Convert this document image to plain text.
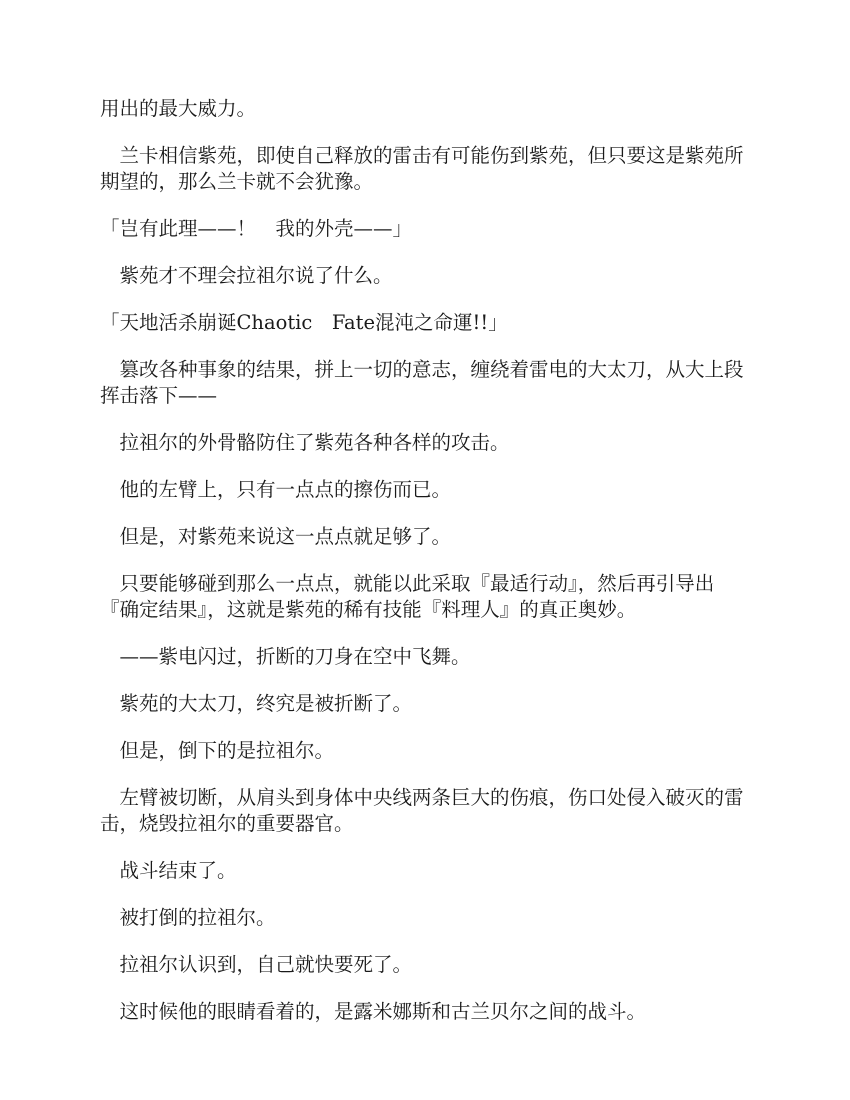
用出的最大威力。

　兰卡相信紫苑，即使自己释放的雷击有可能伤到紫苑，但只要这是紫苑所期望的，那么兰卡就不会犹豫。

「岂有此理——！　我的外壳——」

　紫苑才不理会拉祖尔说了什么。

「天地活杀崩诞Chaotic　Fate混沌之命運!!」

　篡改各种事象的结果，拼上一切的意志，缠绕着雷电的大太刀，从大上段挥击落下——

　拉祖尔的外骨骼防住了紫苑各种各样的攻击。

　他的左臂上，只有一点点的擦伤而已。

　但是，对紫苑来说这一点点就足够了。

　只要能够碰到那么一点点，就能以此采取『最适行动』，然后再引导出『确定结果』，这就是紫苑的稀有技能『料理人』的真正奥妙。

　——紫电闪过，折断的刀身在空中飞舞。

　紫苑的大太刀，终究是被折断了。

　但是，倒下的是拉祖尔。

　左臂被切断，从肩头到身体中央线两条巨大的伤痕，伤口处侵入破灭的雷击，烧毁拉祖尔的重要器官。

　战斗结束了。

　被打倒的拉祖尔。

　拉祖尔认识到，自己就快要死了。

　这时候他的眼睛看着的，是露米娜斯和古兰贝尔之间的战斗。
